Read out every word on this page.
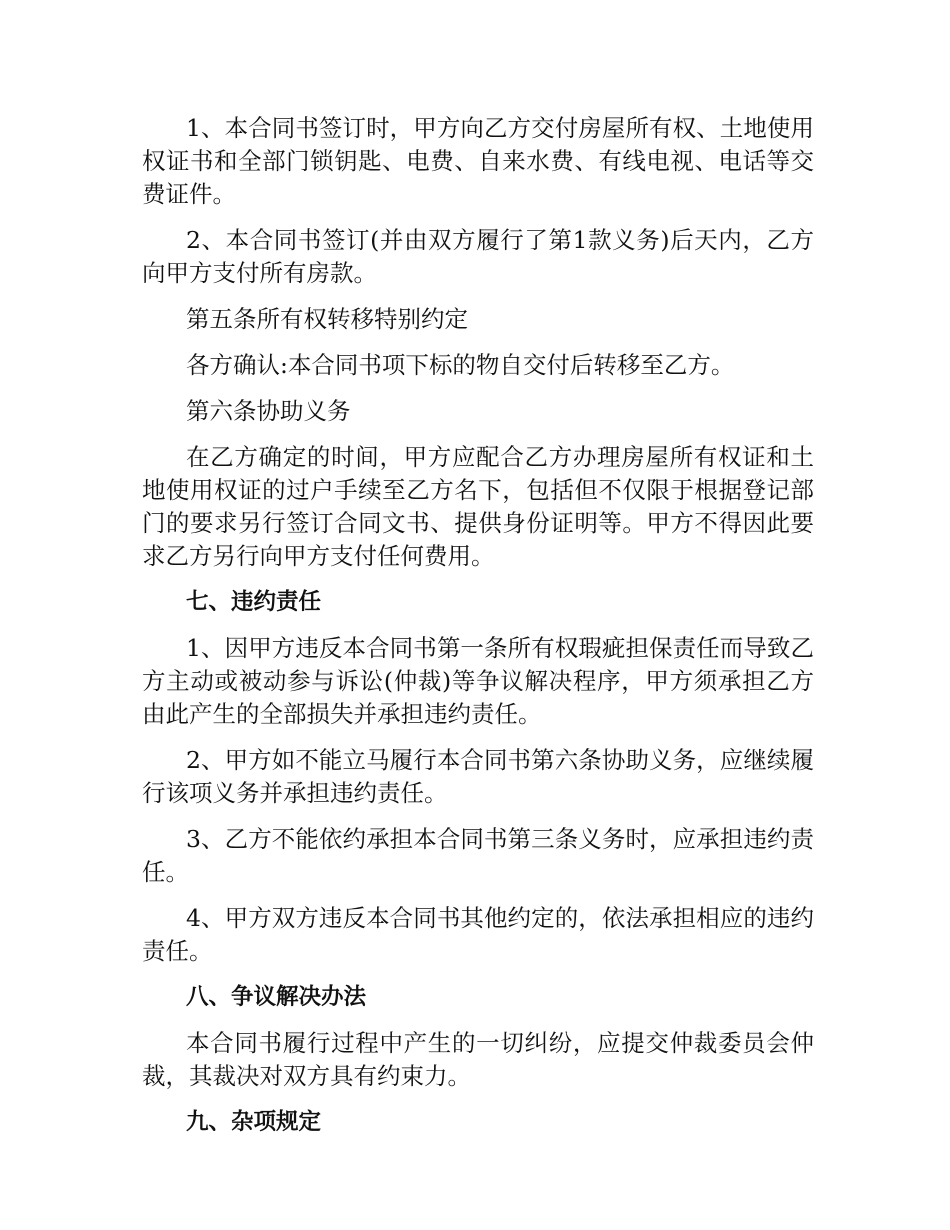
1、本合同书签订时，甲方向乙方交付房屋所有权、土地使用权证书和全部门锁钥匙、电费、自来水费、有线电视、电话等交费证件。

2、本合同书签订(并由双方履行了第1款义务)后天内，乙方向甲方支付所有房款。

第五条所有权转移特别约定

各方确认:本合同书项下标的物自交付后转移至乙方。

第六条协助义务

在乙方确定的时间，甲方应配合乙方办理房屋所有权证和土地使用权证的过户手续至乙方名下，包括但不仅限于根据登记部门的要求另行签订合同文书、提供身份证明等。甲方不得因此要求乙方另行向甲方支付任何费用。

七、违约责任

1、因甲方违反本合同书第一条所有权瑕疵担保责任而导致乙方主动或被动参与诉讼(仲裁)等争议解决程序，甲方须承担乙方由此产生的全部损失并承担违约责任。

2、甲方如不能立马履行本合同书第六条协助义务，应继续履行该项义务并承担违约责任。

3、乙方不能依约承担本合同书第三条义务时，应承担违约责任。

4、甲方双方违反本合同书其他约定的，依法承担相应的违约责任。

八、争议解决办法

本合同书履行过程中产生的一切纠纷，应提交仲裁委员会仲裁，其裁决对双方具有约束力。

九、杂项规定
